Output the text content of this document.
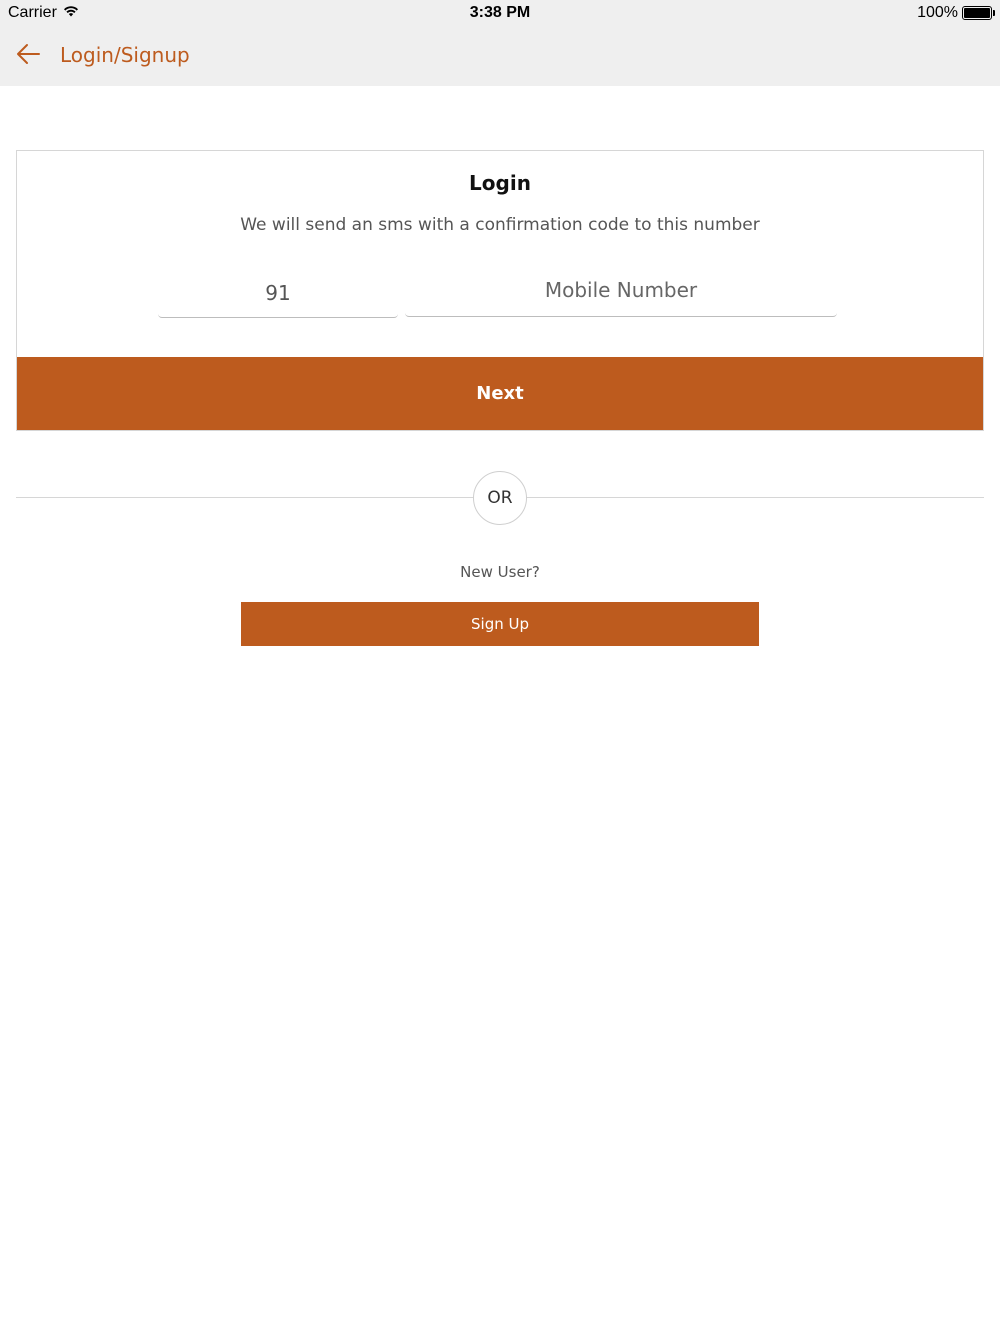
Carrier	3:38 PM	100%
Login/Signup
Login
We will send an sms with a confirmation code to this number
91
Mobile Number
Next
OR
New User?
Sign Up
